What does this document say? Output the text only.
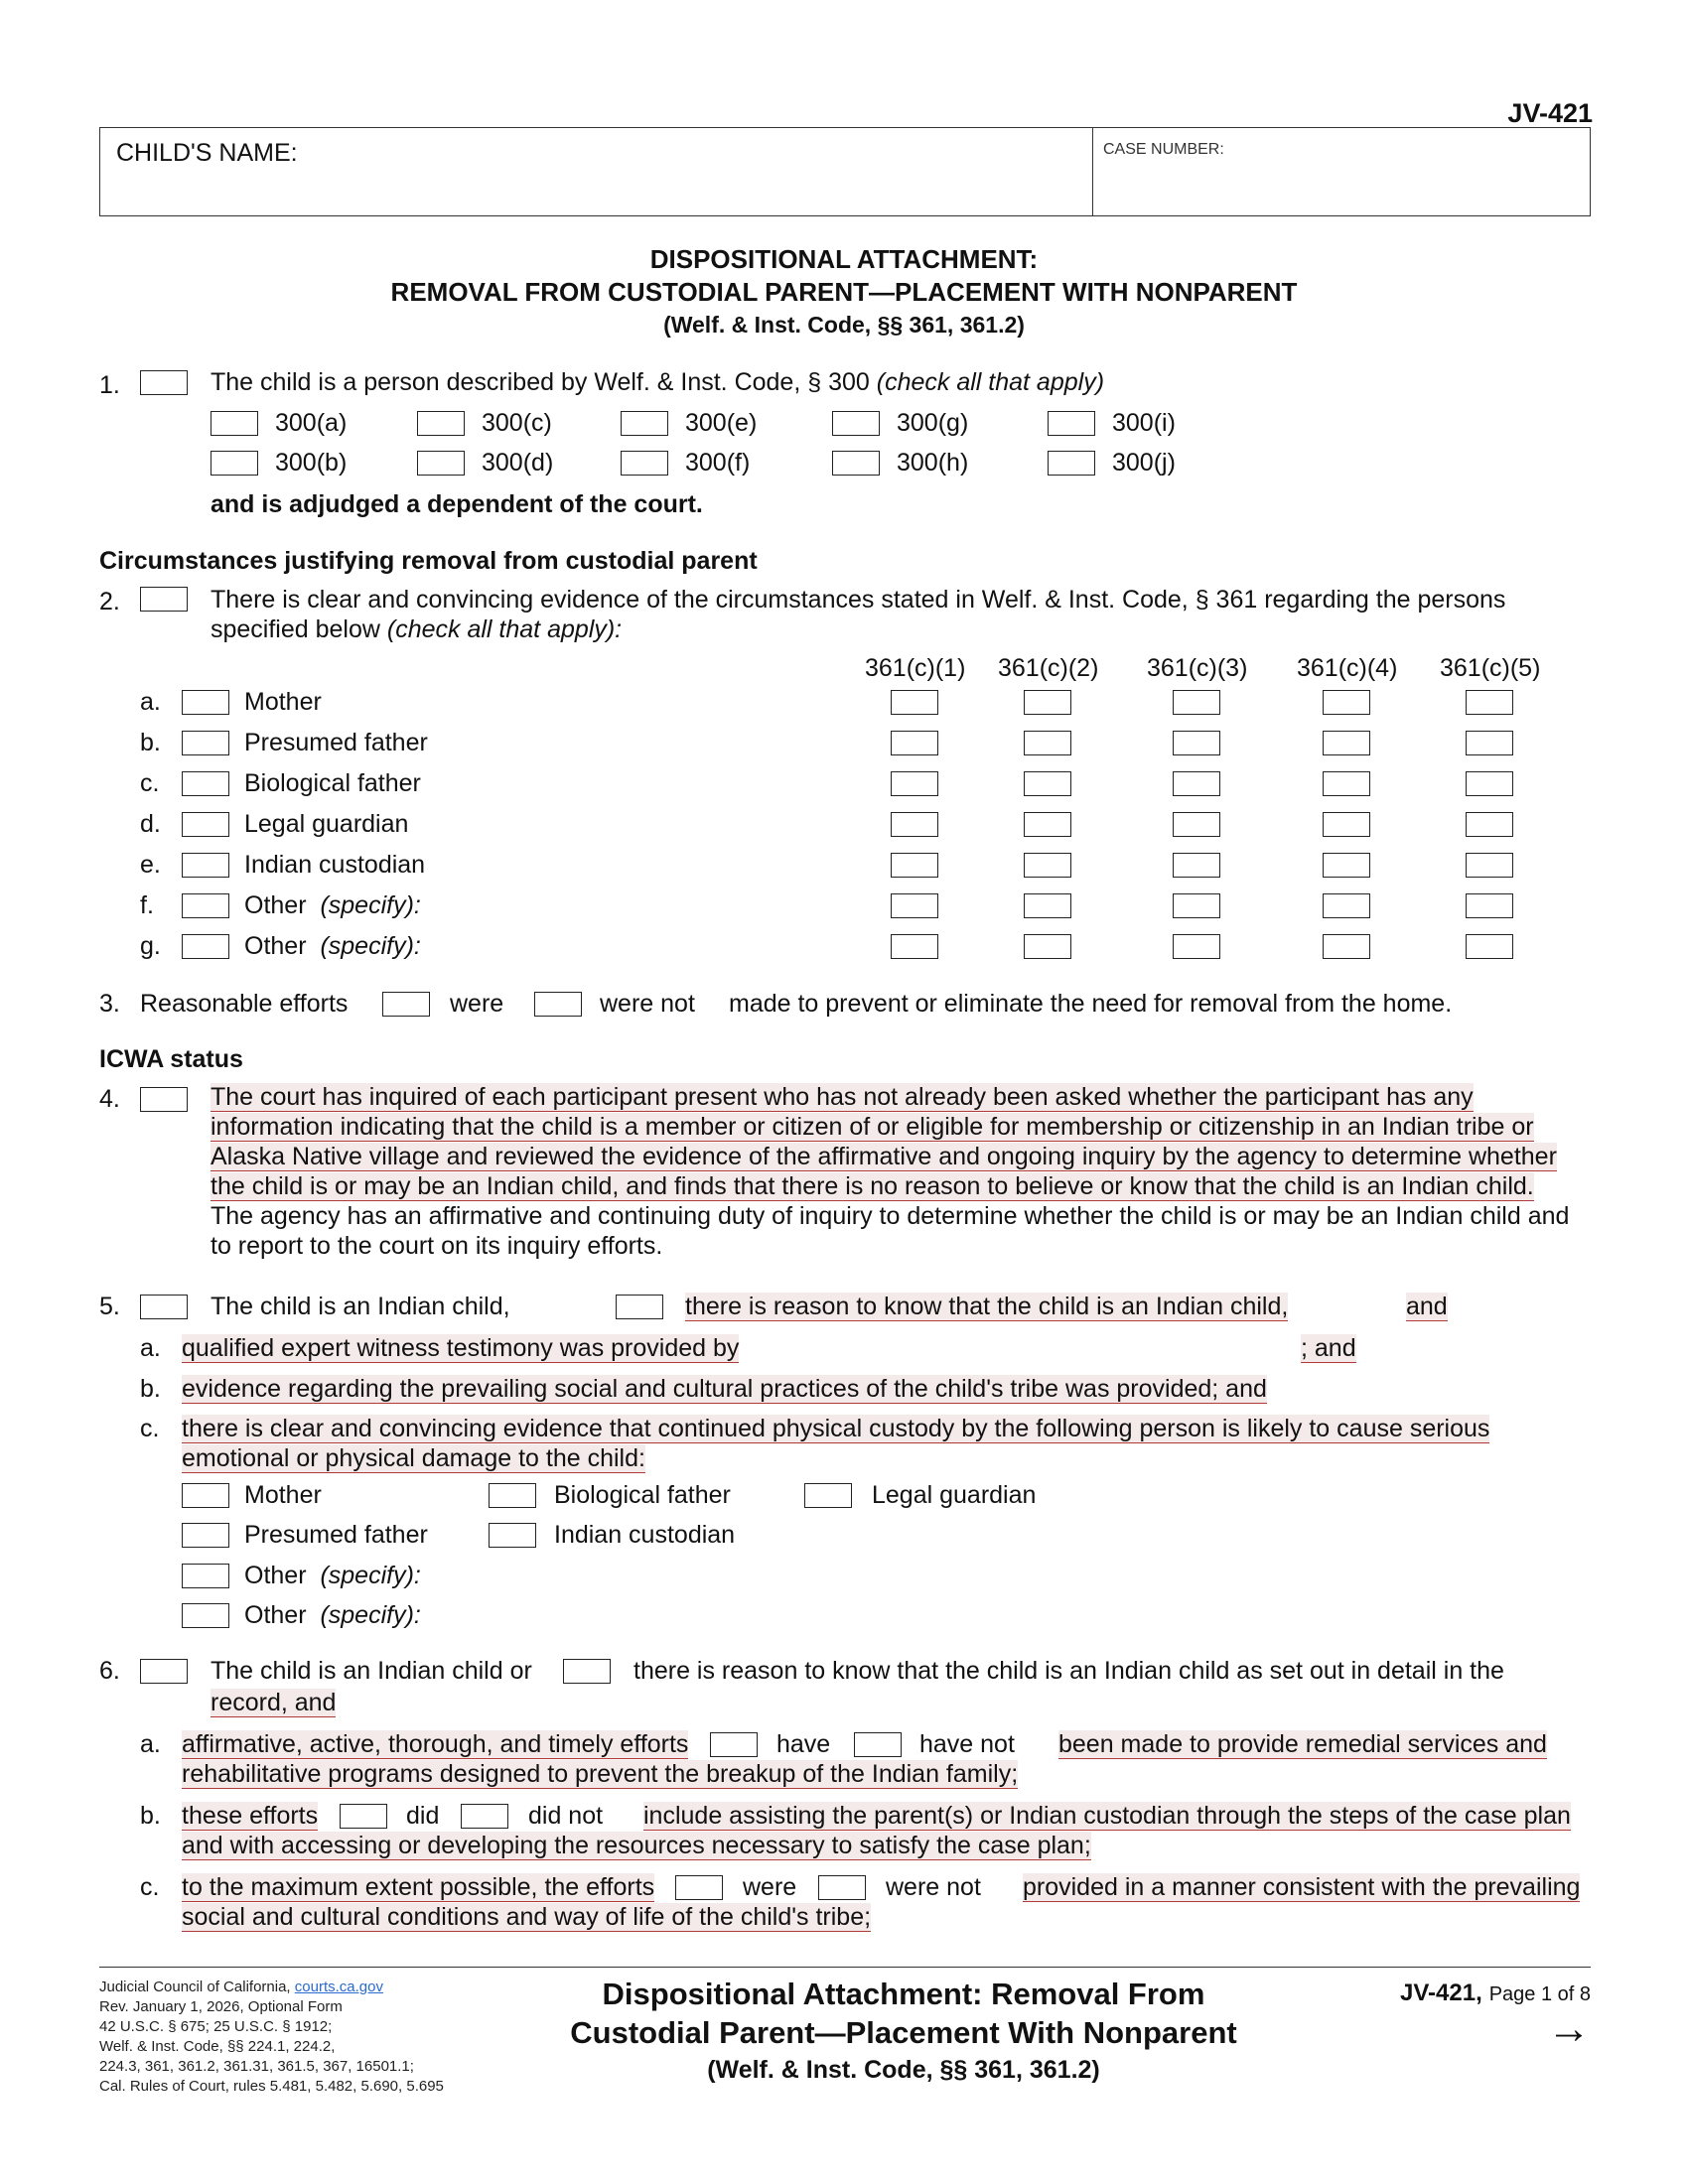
JV-421
CHILD'S NAME:	CASE NUMBER:
DISPOSITIONAL ATTACHMENT:
REMOVAL FROM CUSTODIAL PARENT—PLACEMENT WITH NONPARENT
(Welf. & Inst. Code, §§ 361, 361.2)
1.	The child is a person described by Welf. & Inst. Code, § 300 (check all that apply)
300(a)	300(c)	300(e)	300(g)	300(i)
300(b)	300(d)	300(f)	300(h)	300(j)
and is adjudged a dependent of the court.
Circumstances justifying removal from custodial parent
2.	There is clear and convincing evidence of the circumstances stated in Welf. & Inst. Code, § 361 regarding the persons
specified below (check all that apply):
361(c)(1) 361(c)(2) 361(c)(3) 361(c)(4) 361(c)(5)
a.	Mother
b.	Presumed father
c.	Biological father
d.	Legal guardian
e.	Indian custodian
f.	Other (specify):
g.	Other (specify):
3. Reasonable efforts	were	were not made to prevent or eliminate the need for removal from the home.
ICWA status
4.	The court has inquired of each participant present who has not already been asked whether the participant has any
information indicating that the child is a member or citizen of or eligible for membership or citizenship in an Indian tribe or
Alaska Native village and reviewed the evidence of the affirmative and ongoing inquiry by the agency to determine whether
the child is or may be an Indian child, and finds that there is no reason to believe or know that the child is an Indian child.
The agency has an affirmative and continuing duty of inquiry to determine whether the child is or may be an Indian child and
to report to the court on its inquiry efforts.
5.	The child is an Indian child,	there is reason to know that the child is an Indian child,	and
a. qualified expert witness testimony was provided by	; and
b. evidence regarding the prevailing social and cultural practices of the child's tribe was provided; and
c. there is clear and convincing evidence that continued physical custody by the following person is likely to cause serious
emotional or physical damage to the child:
Mother	Biological father	Legal guardian
Presumed father	Indian custodian
Other (specify):
Other (specify):
6.	The child is an Indian child or	there is reason to know that the child is an Indian child as set out in detail in the
record, and
a. affirmative, active, thorough, and timely efforts	have	have not been made to provide remedial services and
rehabilitative programs designed to prevent the breakup of the Indian family;
b. these efforts	did	did not include assisting the parent(s) or Indian custodian through the steps of the case plan
and with accessing or developing the resources necessary to satisfy the case plan;
c. to the maximum extent possible, the efforts	were	were not provided in a manner consistent with the prevailing
social and cultural conditions and way of life of the child's tribe;
Judicial Council of California, courts.ca.gov
Rev. January 1, 2026, Optional Form
42 U.S.C. § 675; 25 U.S.C. § 1912;
Welf. & Inst. Code, §§ 224.1, 224.2,
224.3, 361, 361.2, 361.31, 361.5, 367, 16501.1;
Cal. Rules of Court, rules 5.481, 5.482, 5.690, 5.695
Dispositional Attachment: Removal From
Custodial Parent—Placement With Nonparent
(Welf. & Inst. Code, §§ 361, 361.2)
JV-421, Page 1 of 8
→
